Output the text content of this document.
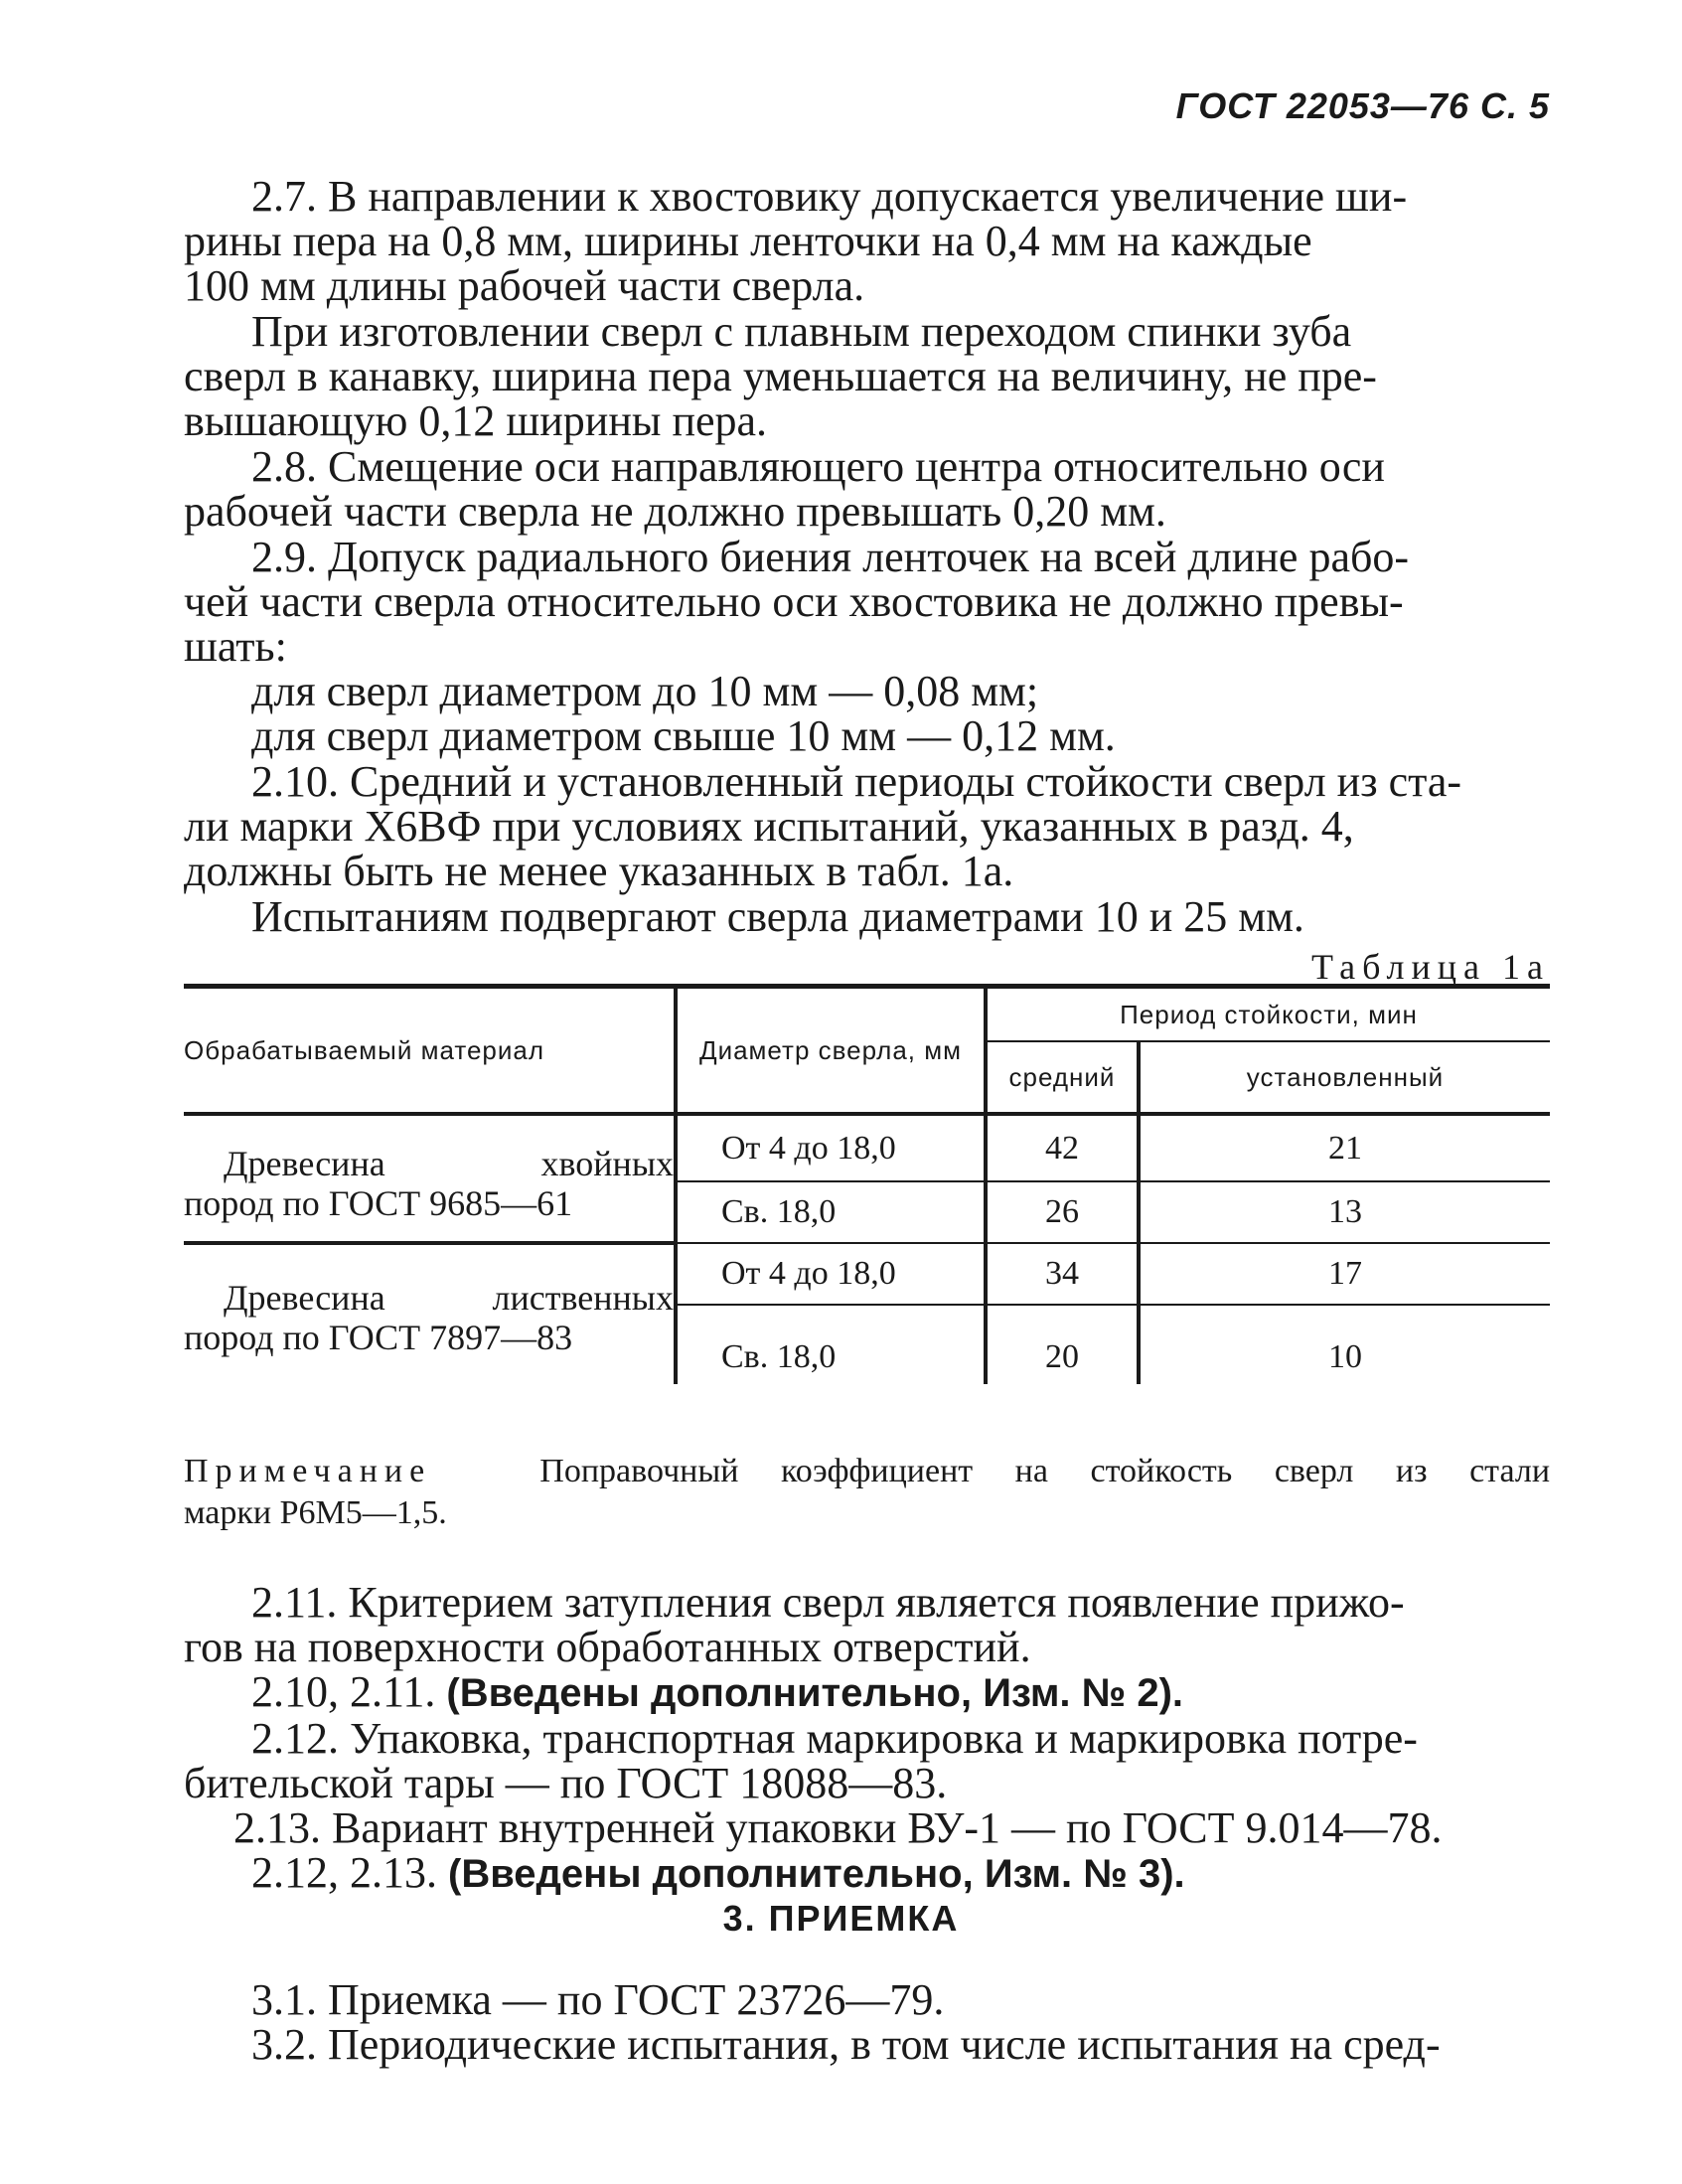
ГОСТ 22053—76 С. 5

2.7. В направлении к хвостовику допускается увеличение ши-
рины пера на 0,8 мм, ширины ленточки на 0,4 мм на каждые
100 мм длины рабочей части сверла.

При изготовлении сверл с плавным переходом спинки зуба
сверл в канавку, ширина пера уменьшается на величину, не пре-
вышающую 0,12 ширины пера.

2.8. Смещение оси направляющего центра относительно оси
рабочей части сверла не должно превышать 0,20 мм.

2.9. Допуск радиального биения ленточек на всей длине рабо-
чей части сверла относительно оси хвостовика не должно превы-
шать:

для сверл диаметром до 10 мм — 0,08 мм;
для сверл диаметром свыше 10 мм — 0,12 мм.

2.10. Средний и установленный периоды стойкости сверл из ста-
ли марки Х6ВФ при условиях испытаний, указанных в разд. 4,
должны быть не менее указанных в табл. 1а.

Испытаниям подвергают сверла диаметрами 10 и 25 мм.

Таблица 1а
Обрабатываемый материал	Диаметр сверла, мм	Период стойкости, мин	
		средний	установленный

Древесина хвойных
пород по ГОСТ 9685—61	От 4 до 18,0	42	21
	Св. 18,0	26	13

Древесина лиственных
пород по ГОСТ 7897—83	От 4 до 18,0	34	17
	Св. 18,0	20	10
Примечание	Поправочный коэффициент на стойкость сверл из стали
марки Р6М5—1,5.

2.11. Критерием затупления сверл является появление прижо-
гов на поверхности обработанных отверстий.

2.10, 2.11. (Введены дополнительно, Изм. № 2).

2.12. Упаковка, транспортная маркировка и маркировка потре-
бительской тары — по ГОСТ 18088—83.

2.13. Вариант внутренней упаковки ВУ-1 — по ГОСТ 9.014—78.

2.12, 2.13. (Введены дополнительно, Изм. № 3).

3. ПРИЕМКА

3.1. Приемка — по ГОСТ 23726—79.

3.2. Периодические испытания, в том числе испытания на сред-
